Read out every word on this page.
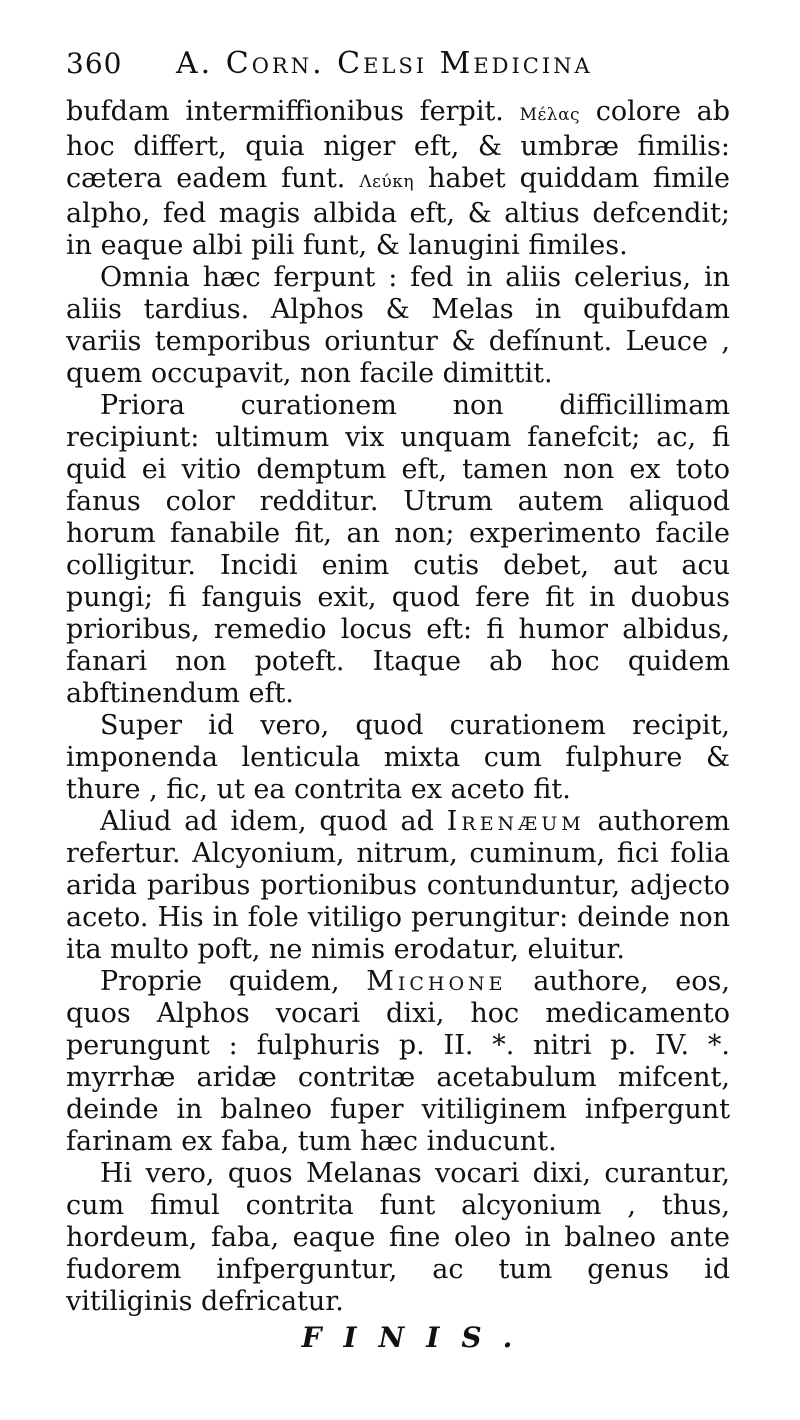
360	A. Corn. Celsi Medicina

bufdam intermiffionibus ferpit. Μέλας colore ab hoc differt, quia niger eft, & umbræ fimilis: cætera eadem funt. Λεύκη habet quiddam fimile alpho, fed magis albida eft, & altius defcendit; in eaque albi pili funt, & lanugini fimiles.

Omnia hæc ferpunt : fed in aliis celerius, in aliis tardius. Alphos & Melas in quibufdam variis temporibus oriuntur & defínunt. Leuce , quem occupavit, non facile dimittit.

Priora curationem non difficillimam recipiunt: ultimum vix unquam fanefcit; ac, fi quid ei vitio demptum eft, tamen non ex toto fanus color redditur. Utrum autem aliquod horum fanabile fit, an non; experimento facile colligitur. Incidi enim cutis debet, aut acu pungi; fi fanguis exit, quod fere fit in duobus prioribus, remedio locus eft: fi humor albidus, fanari non poteft. Itaque ab hoc quidem abftinendum eft.

Super id vero, quod curationem recipit, imponenda lenticula mixta cum fulphure & thure , fic, ut ea contrita ex aceto fit.

Aliud ad idem, quod ad Irenæum authorem refertur. Alcyonium, nitrum, cuminum, fici folia arida paribus portionibus contunduntur, adjecto aceto. His in fole vitiligo perungitur: deinde non ita multo poft, ne nimis erodatur, eluitur.

Proprie quidem, Michone authore, eos, quos Alphos vocari dixi, hoc medicamento perungunt : fulphuris p. II. *. nitri p. IV. *. myrrhæ aridæ contritæ acetabulum mifcent, deinde in balneo fuper vitiliginem infpergunt farinam ex faba, tum hæc inducunt.

Hi vero, quos Melanas vocari dixi, curantur, cum fimul contrita funt alcyonium , thus, hordeum, faba, eaque fine oleo in balneo ante fudorem infperguntur, ac tum genus id vitiliginis defricatur.

FINIS.
